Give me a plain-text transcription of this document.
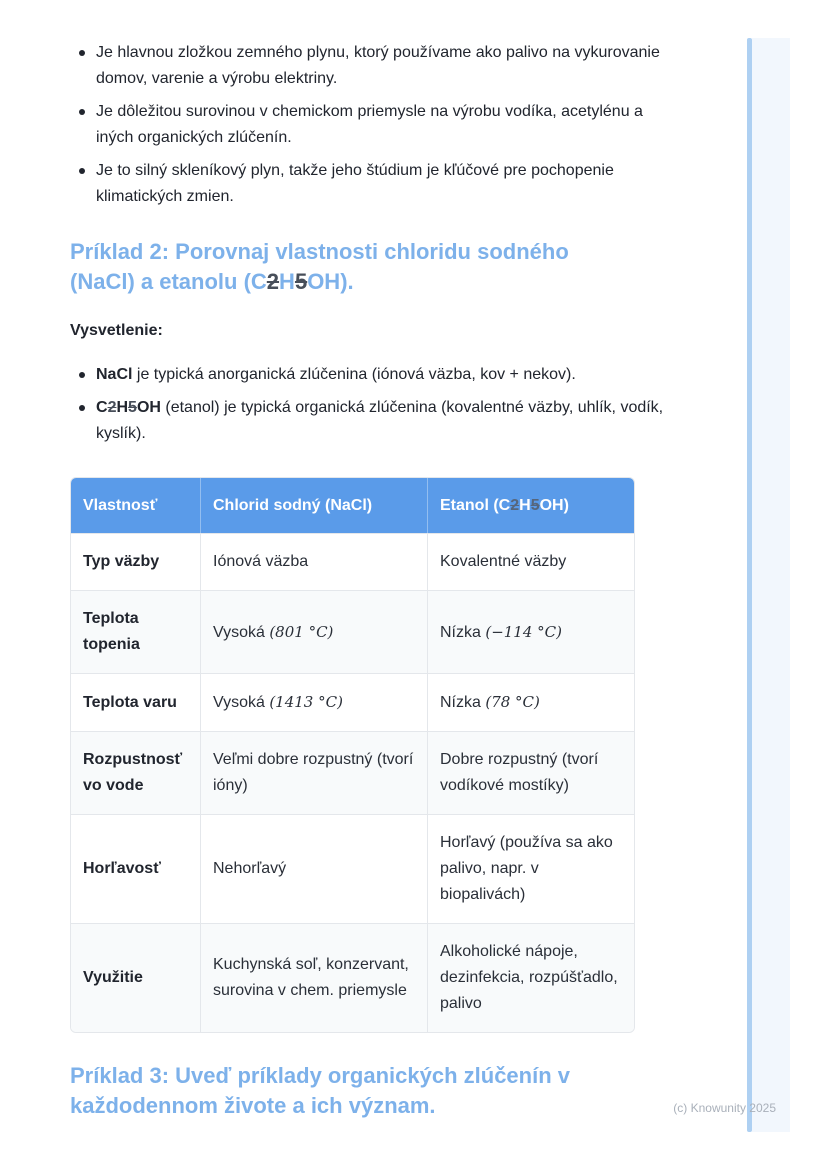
Je hlavnou zložkou zemného plynu, ktorý používame ako palivo na vykurovanie domov, varenie a výrobu elektriny.
Je dôležitou surovinou v chemickom priemysle na výrobu vodíka, acetylénu a iných organických zlúčenín.
Je to silný skleníkový plyn, takže jeho štúdium je kľúčové pre pochopenie klimatických zmien.
Príklad 2: Porovnaj vlastnosti chloridu sodného (NaCl) a etanolu (C2H5OH).

Vysvetlenie:

NaCl je typická anorganická zlúčenina (iónová väzba, kov + nekov).
C2H5OH (etanol) je typická organická zlúčenina (kovalentné väzby, uhlík, vodík, kyslík).
Vlastnosť	Chlorid sodný (NaCl)	Etanol (C2H5OH)
Typ väzby	Iónová väzba	Kovalentné väzby
Teplota topenia	Vysoká (801 °C)	Nízka (−114 °C)
Teplota varu	Vysoká (1413 °C)	Nízka (78 °C)
Rozpustnosť vo vode	Veľmi dobre rozpustný (tvorí ióny)	Dobre rozpustný (tvorí vodíkové mostíky)
Horľavosť	Nehorľavý	Horľavý (používa sa ako palivo, napr. v biopalivách)
Využitie	Kuchynská soľ, konzervant, surovina v chem. priemysle	Alkoholické nápoje, dezinfekcia, rozpúšťadlo, palivo
Príklad 3: Uveď príklady organických zlúčenín v každodennom živote a ich význam.	(c) Knowunity 2025
